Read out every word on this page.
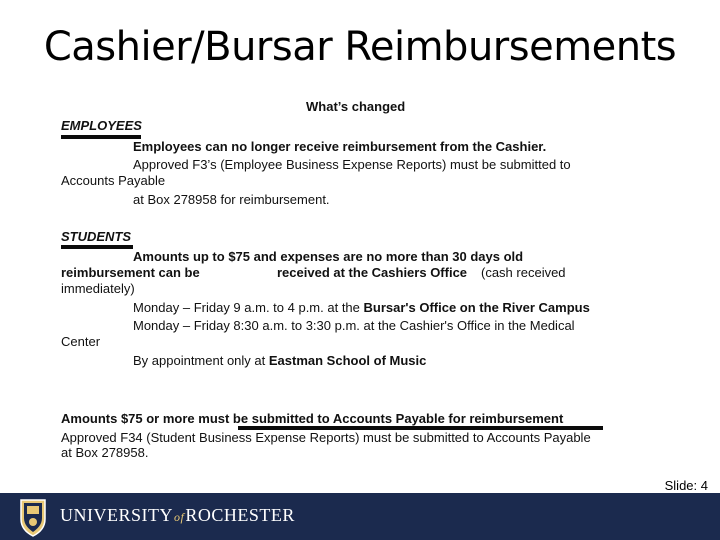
Cashier/Bursar Reimbursements
What’s changed
EMPLOYEES
Employees can no longer receive reimbursement from the Cashier.
Approved F3’s (Employee Business Expense Reports) must be submitted to
Accounts Payable
at Box 278958 for reimbursement.
STUDENTS
Amounts up to $75 and expenses are no more than 30 days old
reimbursement can be	received at the Cashiers Office (cash received
immediately)
Monday – Friday 9 a.m. to 4 p.m. at the Bursar's Office on the River Campus
Monday – Friday 8:30 a.m. to 3:30 p.m. at the Cashier's Office in the Medical
Center
By appointment only at Eastman School of Music
Amounts $75 or more must be submitted to Accounts Payable for reimbursement
Approved F34 (Student Business Expense Reports) must be submitted to Accounts Payable
at Box 278958.
Slide: 4
UNIVERSITYofROCHESTER
